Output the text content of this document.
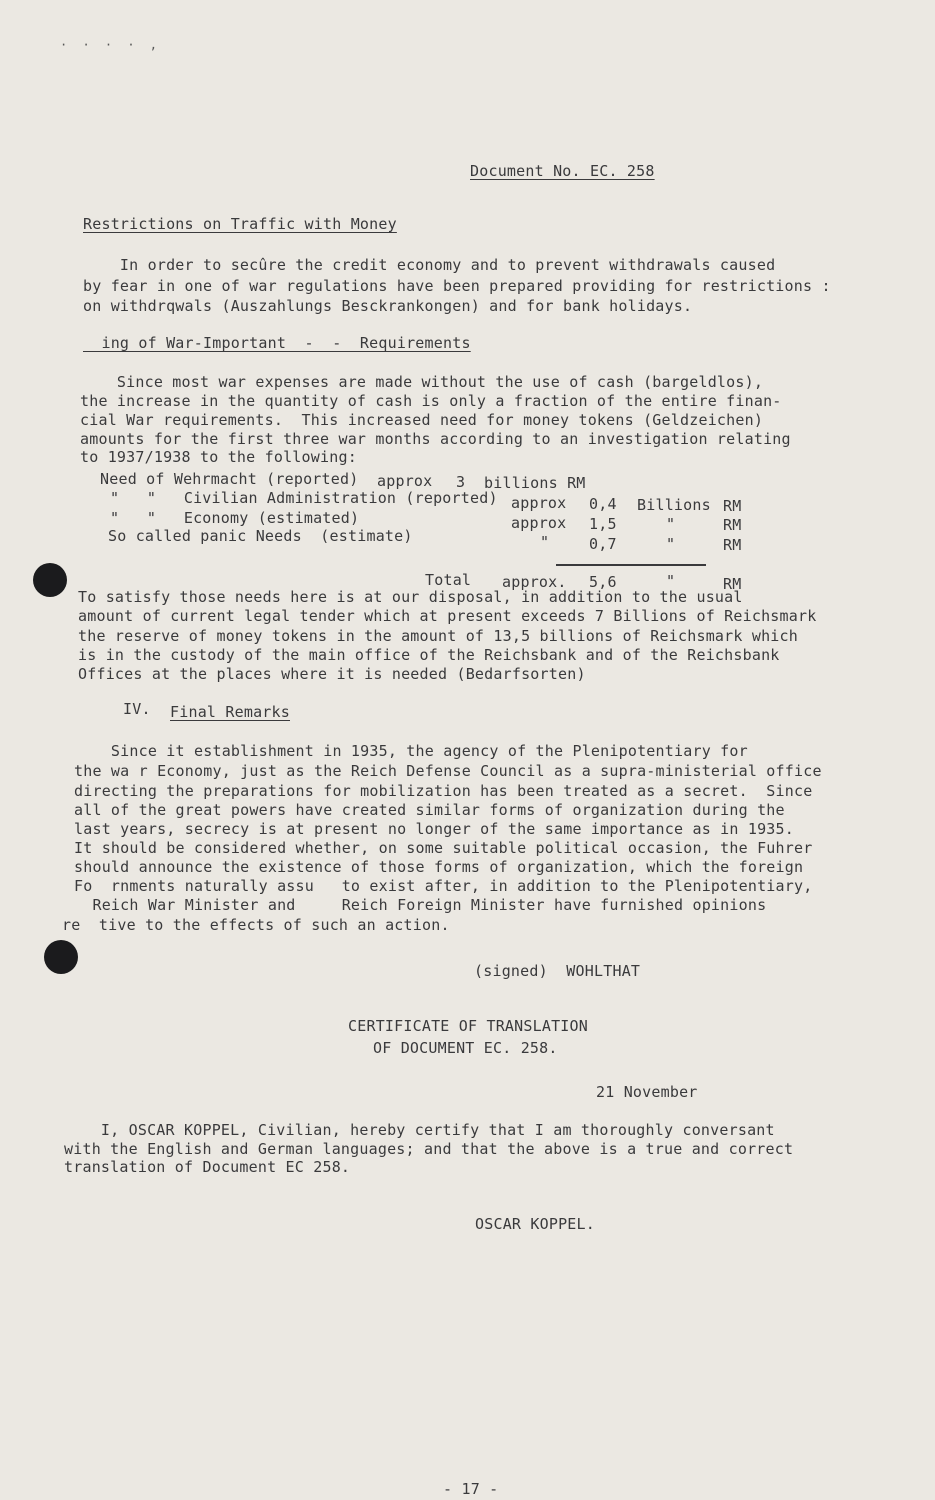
· · · · ,
Document No. EC. 258
Restrictions on Traffic with Money
In order to secûre the credit economy and to prevent withdrawals caused
by fear in one of war regulations have been prepared providing for restrictions :
on withdrqwals (Auszahlungs Besckrankongen) and for bank holidays.
ing of War-Important  -  -  Requirements
Since most war expenses are made without the use of cash (bargeldlos),
the increase in the quantity of cash is only a fraction of the entire finan-
cial War requirements.  This increased need for money tokens (Geldzeichen)
amounts for the first three war months according to an investigation relating
to 1937/1938 to the following:
Need of Wehrmacht (reported) approx 3 billions RM
"   "   Civilian Administration (reported) approx 0,4 Billions RM
"   "   Economy (estimated)	approx 1,5	"	RM
So called panic Needs  (estimate)	"	0,7	"	RM
Total approx. 5,6	"	RM
To satisfy those needs here is at our disposal, in addition to the usual
amount of current legal tender which at present exceeds 7 Billions of Reichsmark
the reserve of money tokens in the amount of 13,5 billions of Reichsmark which
is in the custody of the main office of the Reichsbank and of the Reichsbank
Offices at the places where it is needed (Bedarfsorten)
IV. Final Remarks
Since it establishment in 1935, the agency of the Plenipotentiary for
the wa r Economy, just as the Reich Defense Council as a supra-ministerial office
directing the preparations for mobilization has been treated as a secret.  Since
all of the great powers have created similar forms of organization during the
last years, secrecy is at present no longer of the same importance as in 1935.
It should be considered whether, on some suitable political occasion, the Fuhrer
should announce the existence of those forms of organization, which the foreign
Fo  rnments naturally assu   to exist after, in addition to the Plenipotentiary,
Reich War Minister and     Reich Foreign Minister have furnished opinions
re  tive to the effects of such an action.
(signed)  WOHLTHAT
CERTIFICATE OF TRANSLATION
OF DOCUMENT EC. 258.
21 November
I, OSCAR KOPPEL, Civilian, hereby certify that I am thoroughly conversant
with the English and German languages; and that the above is a true and correct
translation of Document EC 258.
OSCAR KOPPEL.
- 17 -
